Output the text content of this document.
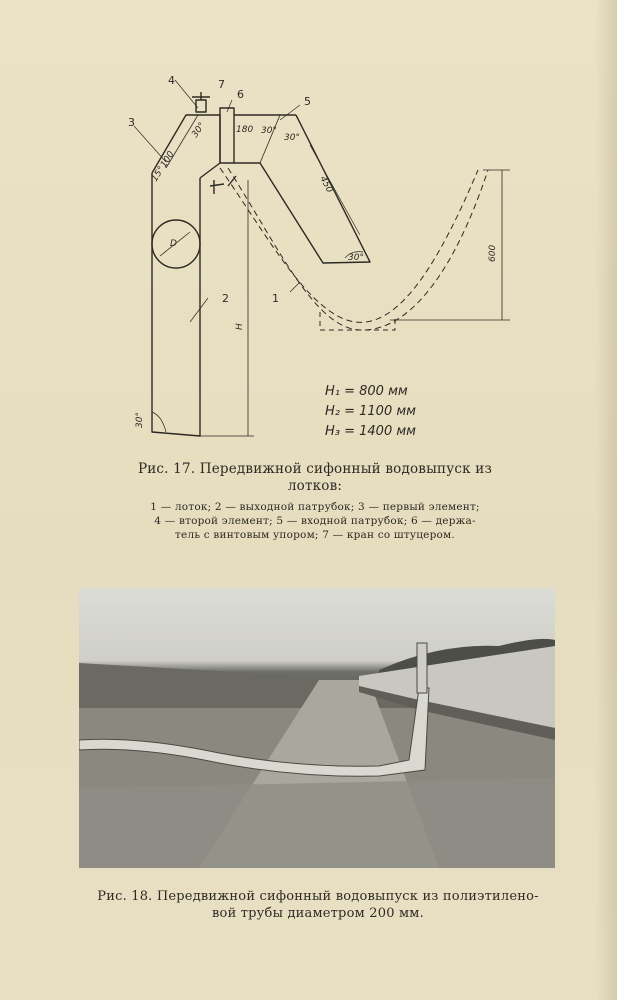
4	7
6
5
3
2	1
D
H
180
100
15°
450
600
30°	30°
30°
30°
30°
H₁ = 800 мм
H₂ = 1100 мм
H₃ = 1400 мм
Рис. 17. Передвижной сифонный водовыпуск из
лотков:
1 — лоток; 2 — выходной патрубок; 3 — первый элемент;
4 — второй элемент; 5 — входной патрубок; 6 — держа-
тель с винтовым упором; 7 — кран со штуцером.
Рис. 18. Передвижной сифонный водовыпуск из полиэтилено-
вой трубы диаметром 200 мм.
